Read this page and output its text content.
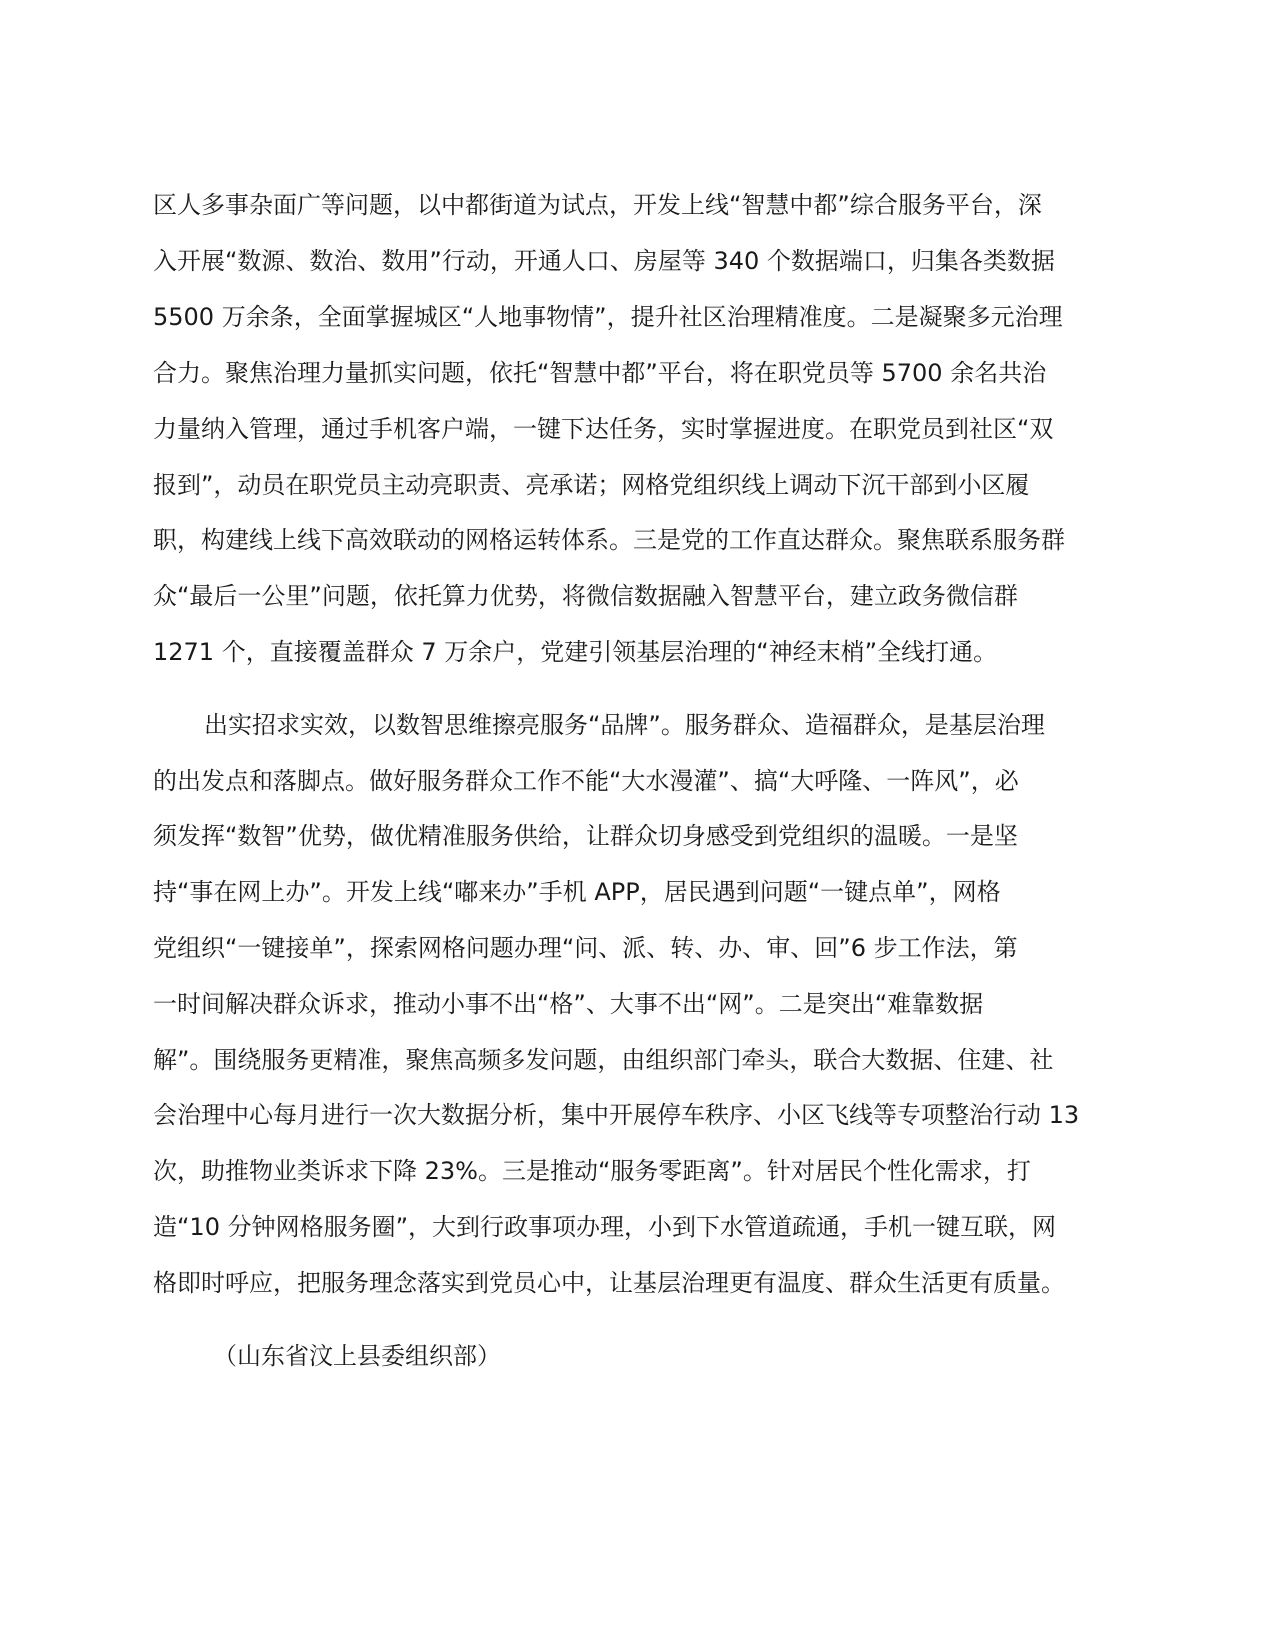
区人多事杂面广等问题，以中都街道为试点，开发上线“智慧中都”综合服务平台，深
入开展“数源、数治、数用”行动，开通人口、房屋等 340 个数据端口，归集各类数据
5500 万余条，全面掌握城区“人地事物情”，提升社区治理精准度。二是凝聚多元治理
合力。聚焦治理力量抓实问题，依托“智慧中都”平台，将在职党员等 5700 余名共治
力量纳入管理，通过手机客户端，一键下达任务，实时掌握进度。在职党员到社区“双
报到”，动员在职党员主动亮职责、亮承诺；网格党组织线上调动下沉干部到小区履
职，构建线上线下高效联动的网格运转体系。三是党的工作直达群众。聚焦联系服务群
众“最后一公里”问题，依托算力优势，将微信数据融入智慧平台，建立政务微信群
1271 个，直接覆盖群众 7 万余户，党建引领基层治理的“神经末梢”全线打通。
出实招求实效，以数智思维擦亮服务“品牌”。服务群众、造福群众，是基层治理
的出发点和落脚点。做好服务群众工作不能“大水漫灌”、搞“大呼隆、一阵风”，必
须发挥“数智”优势，做优精准服务供给，让群众切身感受到党组织的温暖。一是坚
持“事在网上办”。开发上线“嘟来办”手机 APP，居民遇到问题“一键点单”，网格
党组织“一键接单”，探索网格问题办理“问、派、转、办、审、回”6 步工作法，第
一时间解决群众诉求，推动小事不出“格”、大事不出“网”。二是突出“难靠数据
解”。围绕服务更精准，聚焦高频多发问题，由组织部门牵头，联合大数据、住建、社
会治理中心每月进行一次大数据分析，集中开展停车秩序、小区飞线等专项整治行动 13
次，助推物业类诉求下降 23%。三是推动“服务零距离”。针对居民个性化需求，打
造“10 分钟网格服务圈”，大到行政事项办理，小到下水管道疏通，手机一键互联，网
格即时呼应，把服务理念落实到党员心中，让基层治理更有温度、群众生活更有质量。
（山东省汶上县委组织部）
